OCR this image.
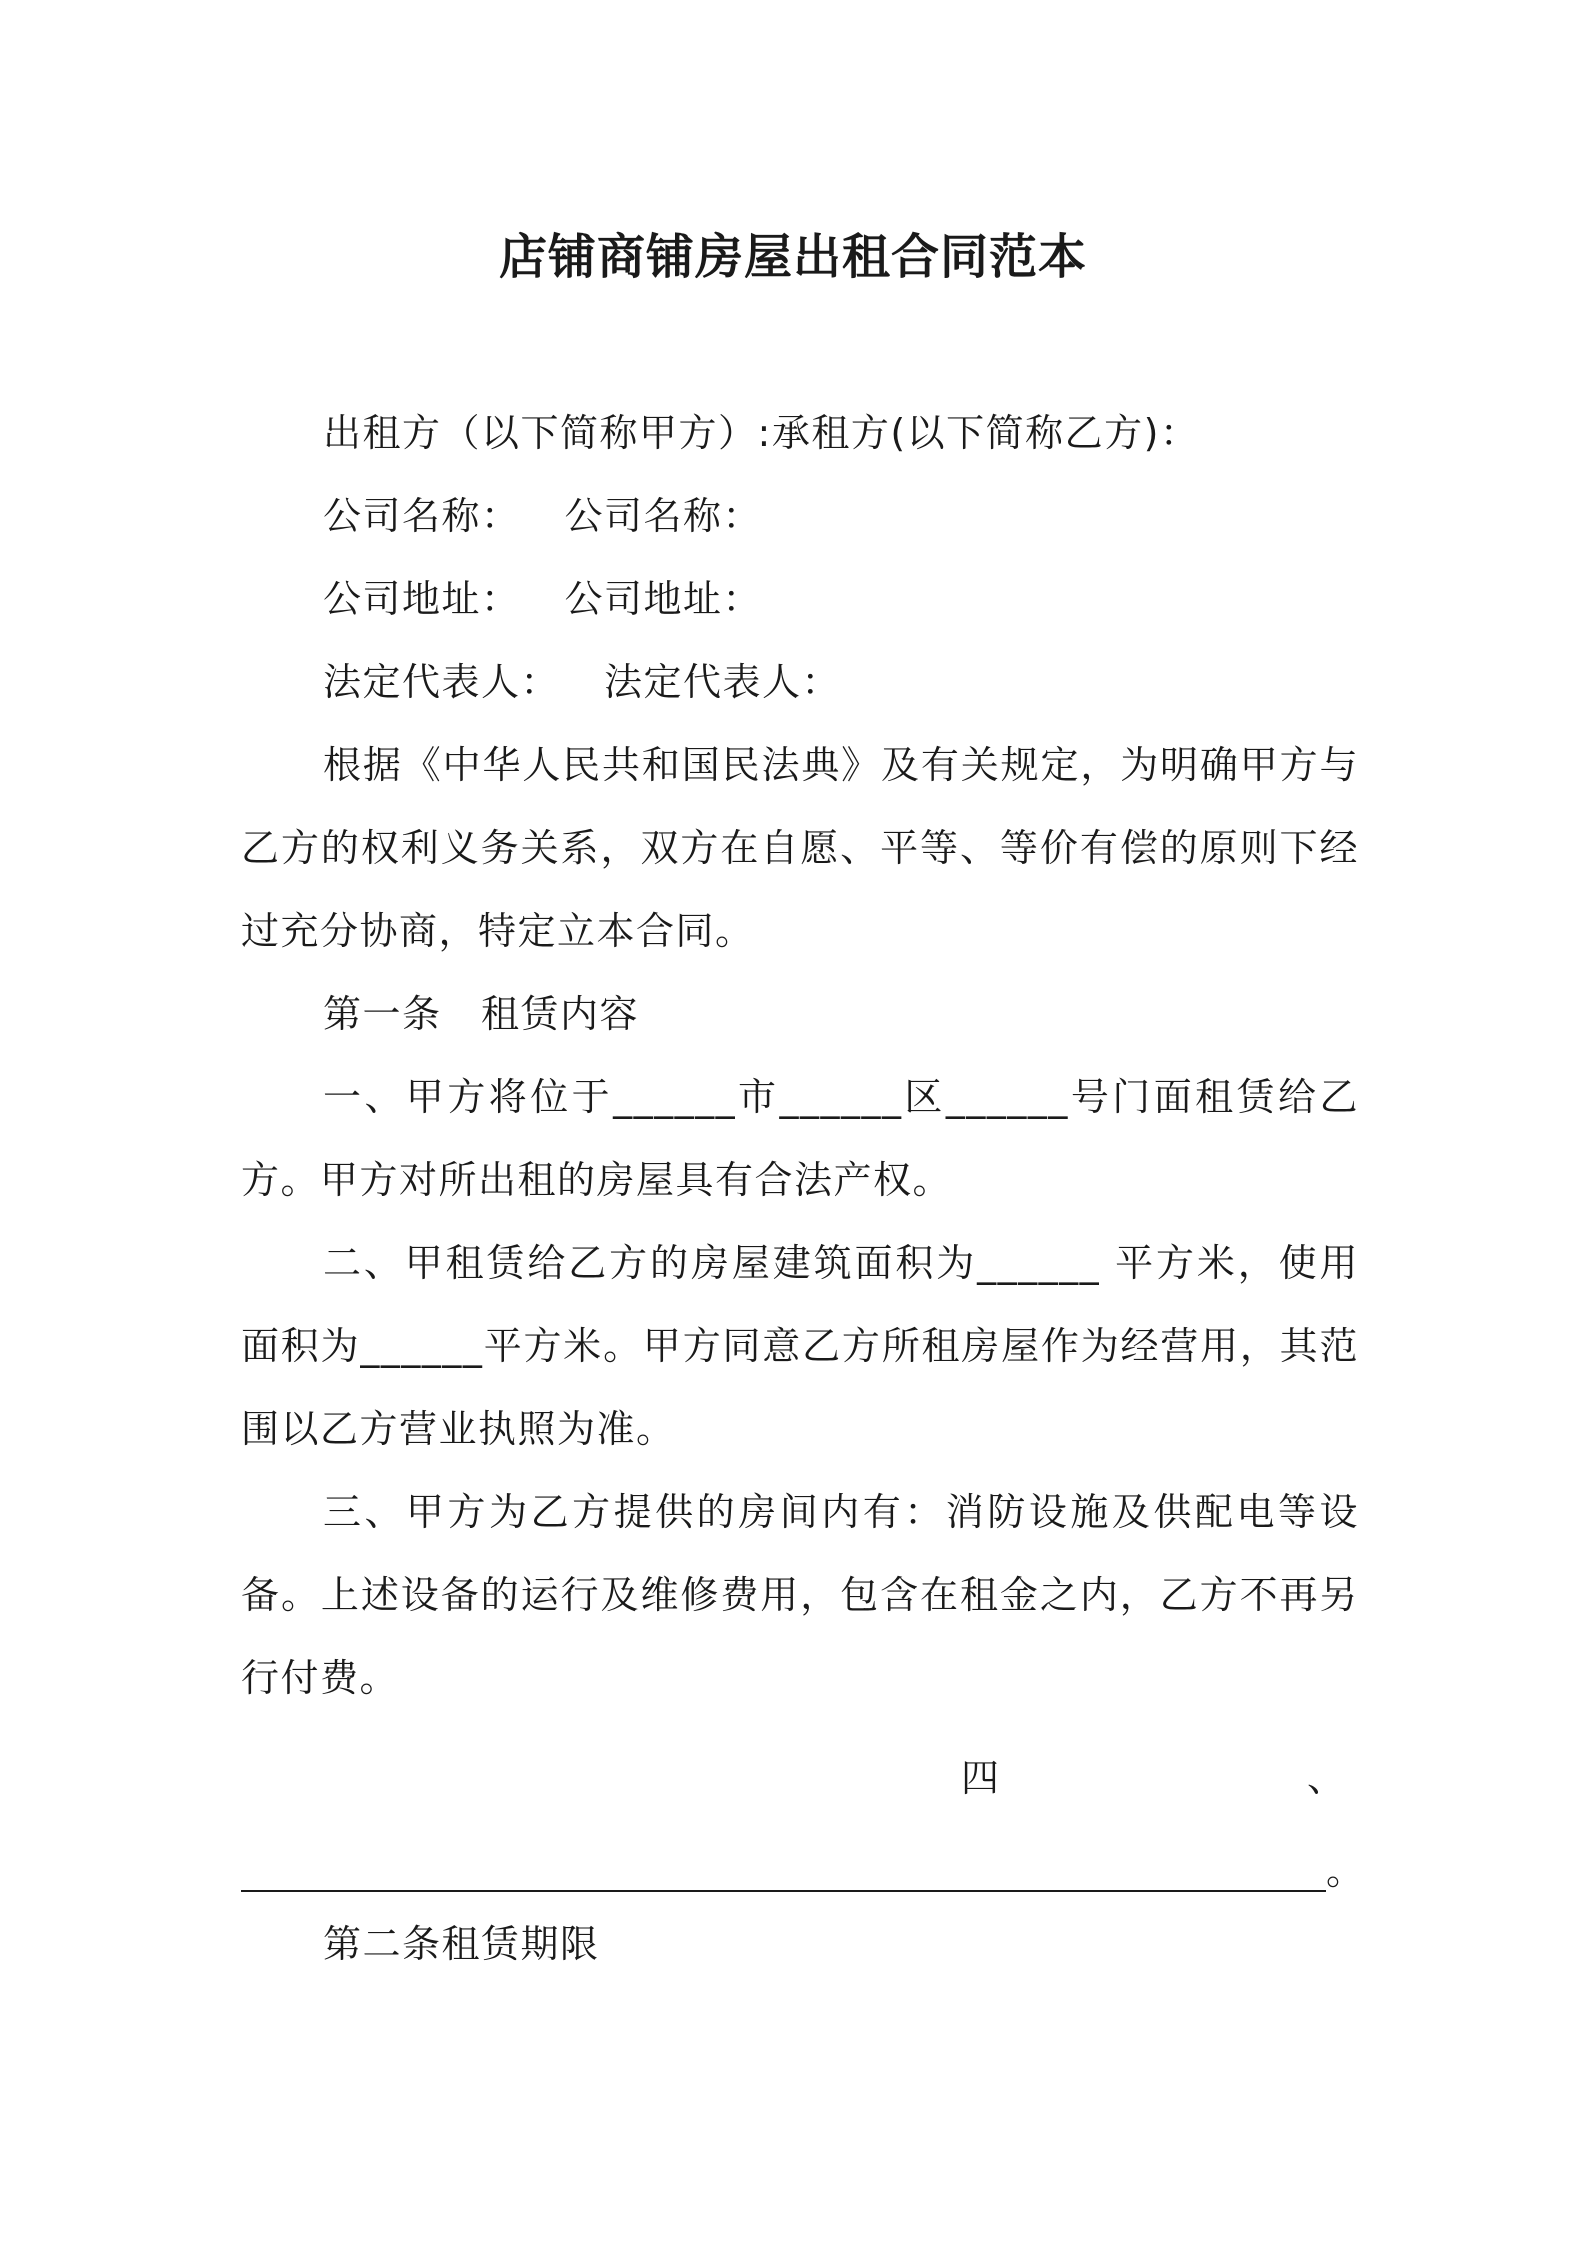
店铺商铺房屋出租合同范本
出租方（以下简称甲方）:承租方(以下简称乙方)：
公司名称： 公司名称：
公司地址： 公司地址：
法定代表人： 法定代表人：
根据《中华人民共和国民法典》及有关规定，为明确甲方与乙方的权利义务关系，双方在自愿、平等、等价有偿的原则下经过充分协商，特定立本合同。
第一条　租赁内容
一、甲方将位于______市______区______号门面租赁给乙方。甲方对所出租的房屋具有合法产权。
二、甲租赁给乙方的房屋建筑面积为______ 平方米，使用面积为______平方米。甲方同意乙方所租房屋作为经营用，其范围以乙方营业执照为准。
三、甲方为乙方提供的房间内有：消防设施及供配电等设备。上述设备的运行及维修费用，包含在租金之内，乙方不再另行付费。
四	、
。
第二条租赁期限
